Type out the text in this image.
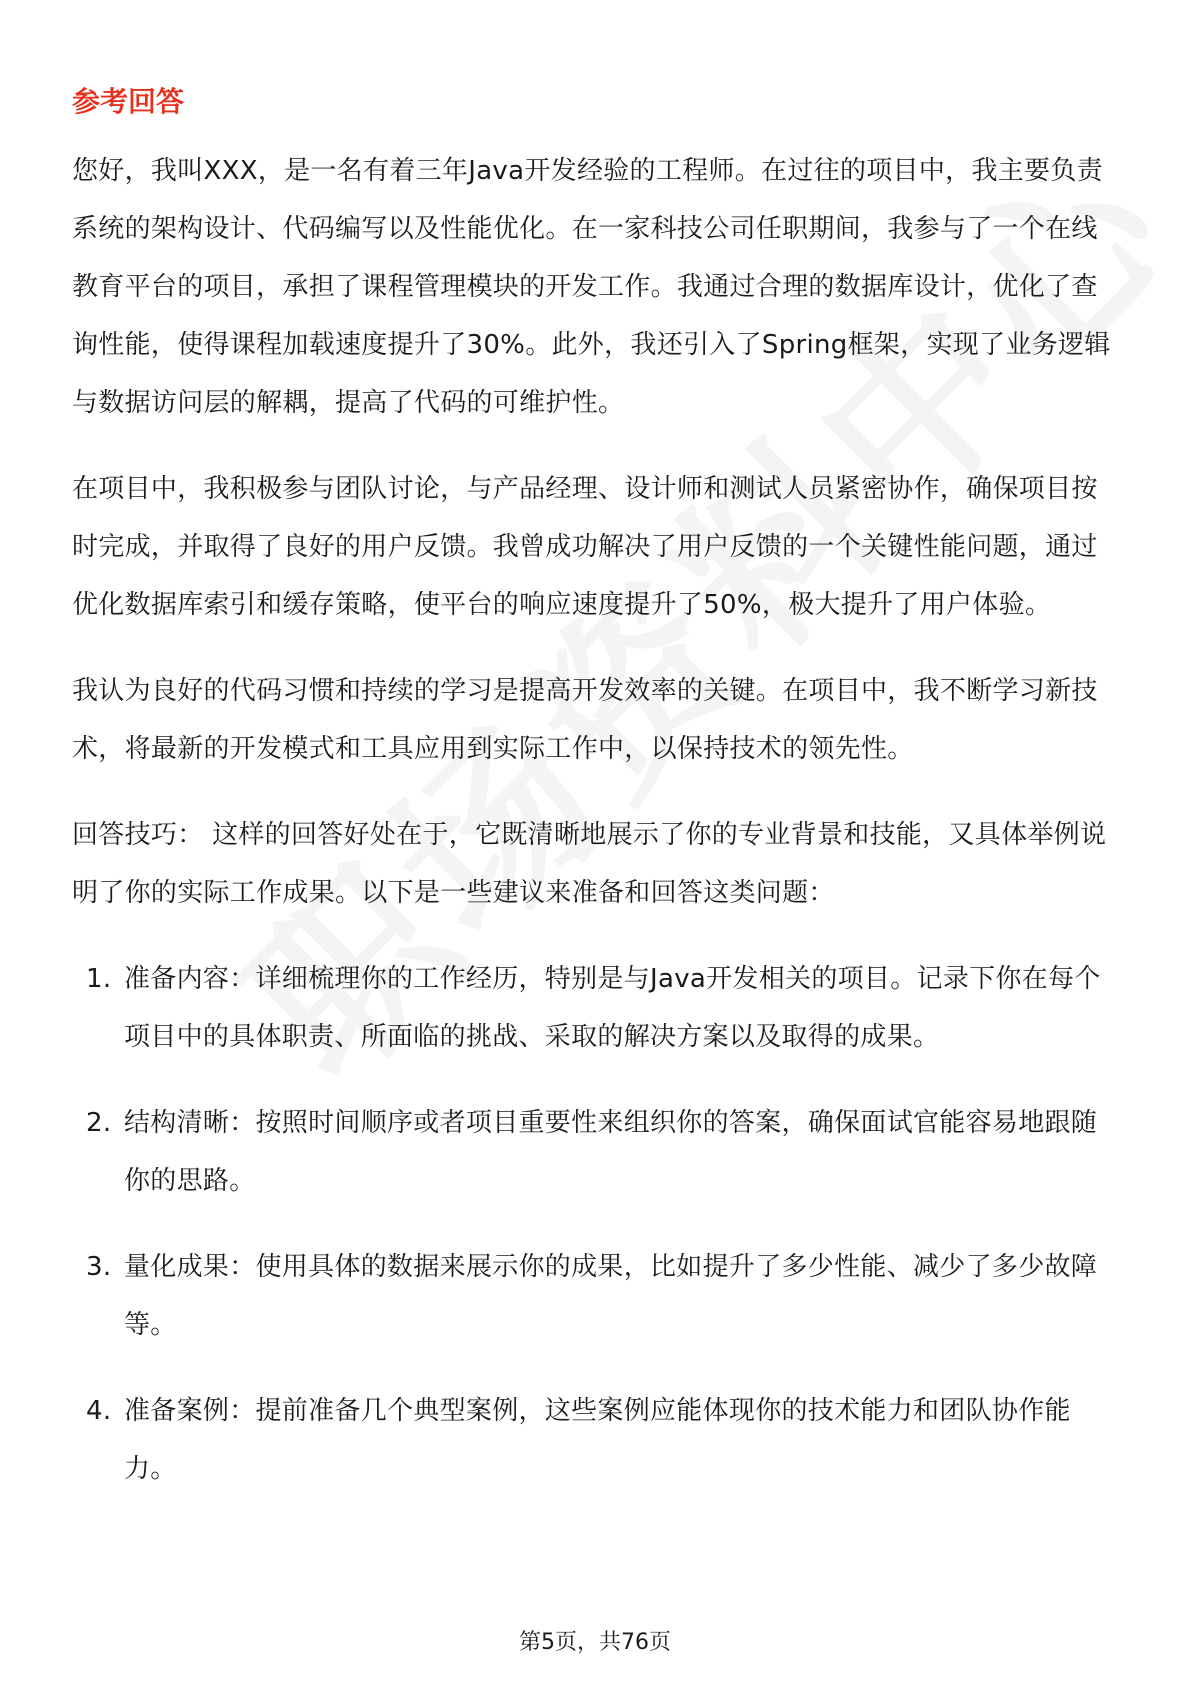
参考回答

您好，我叫XXX，是一名有着三年Java开发经验的工程师。在过往的项目中，我主要负责系统的架构设计、代码编写以及性能优化。在一家科技公司任职期间，我参与了一个在线教育平台的项目，承担了课程管理模块的开发工作。我通过合理的数据库设计，优化了查询性能，使得课程加载速度提升了30%。此外，我还引入了Spring框架，实现了业务逻辑与数据访问层的解耦，提高了代码的可维护性。

在项目中，我积极参与团队讨论，与产品经理、设计师和测试人员紧密协作，确保项目按时完成，并取得了良好的用户反馈。我曾成功解决了用户反馈的一个关键性能问题，通过优化数据库索引和缓存策略，使平台的响应速度提升了50%，极大提升了用户体验。

我认为良好的代码习惯和持续的学习是提高开发效率的关键。在项目中，我不断学习新技术，将最新的开发模式和工具应用到实际工作中，以保持技术的领先性。

回答技巧： 这样的回答好处在于，它既清晰地展示了你的专业背景和技能，又具体举例说明了你的实际工作成果。以下是一些建议来准备和回答这类问题：

1. 准备内容：详细梳理你的工作经历，特别是与Java开发相关的项目。记录下你在每个项目中的具体职责、所面临的挑战、采取的解决方案以及取得的成果。
2. 结构清晰：按照时间顺序或者项目重要性来组织你的答案，确保面试官能容易地跟随你的思路。
3. 量化成果：使用具体的数据来展示你的成果，比如提升了多少性能、减少了多少故障等。
4. 准备案例：提前准备几个典型案例，这些案例应能体现你的技术能力和团队协作能力。
第5页，共76页
